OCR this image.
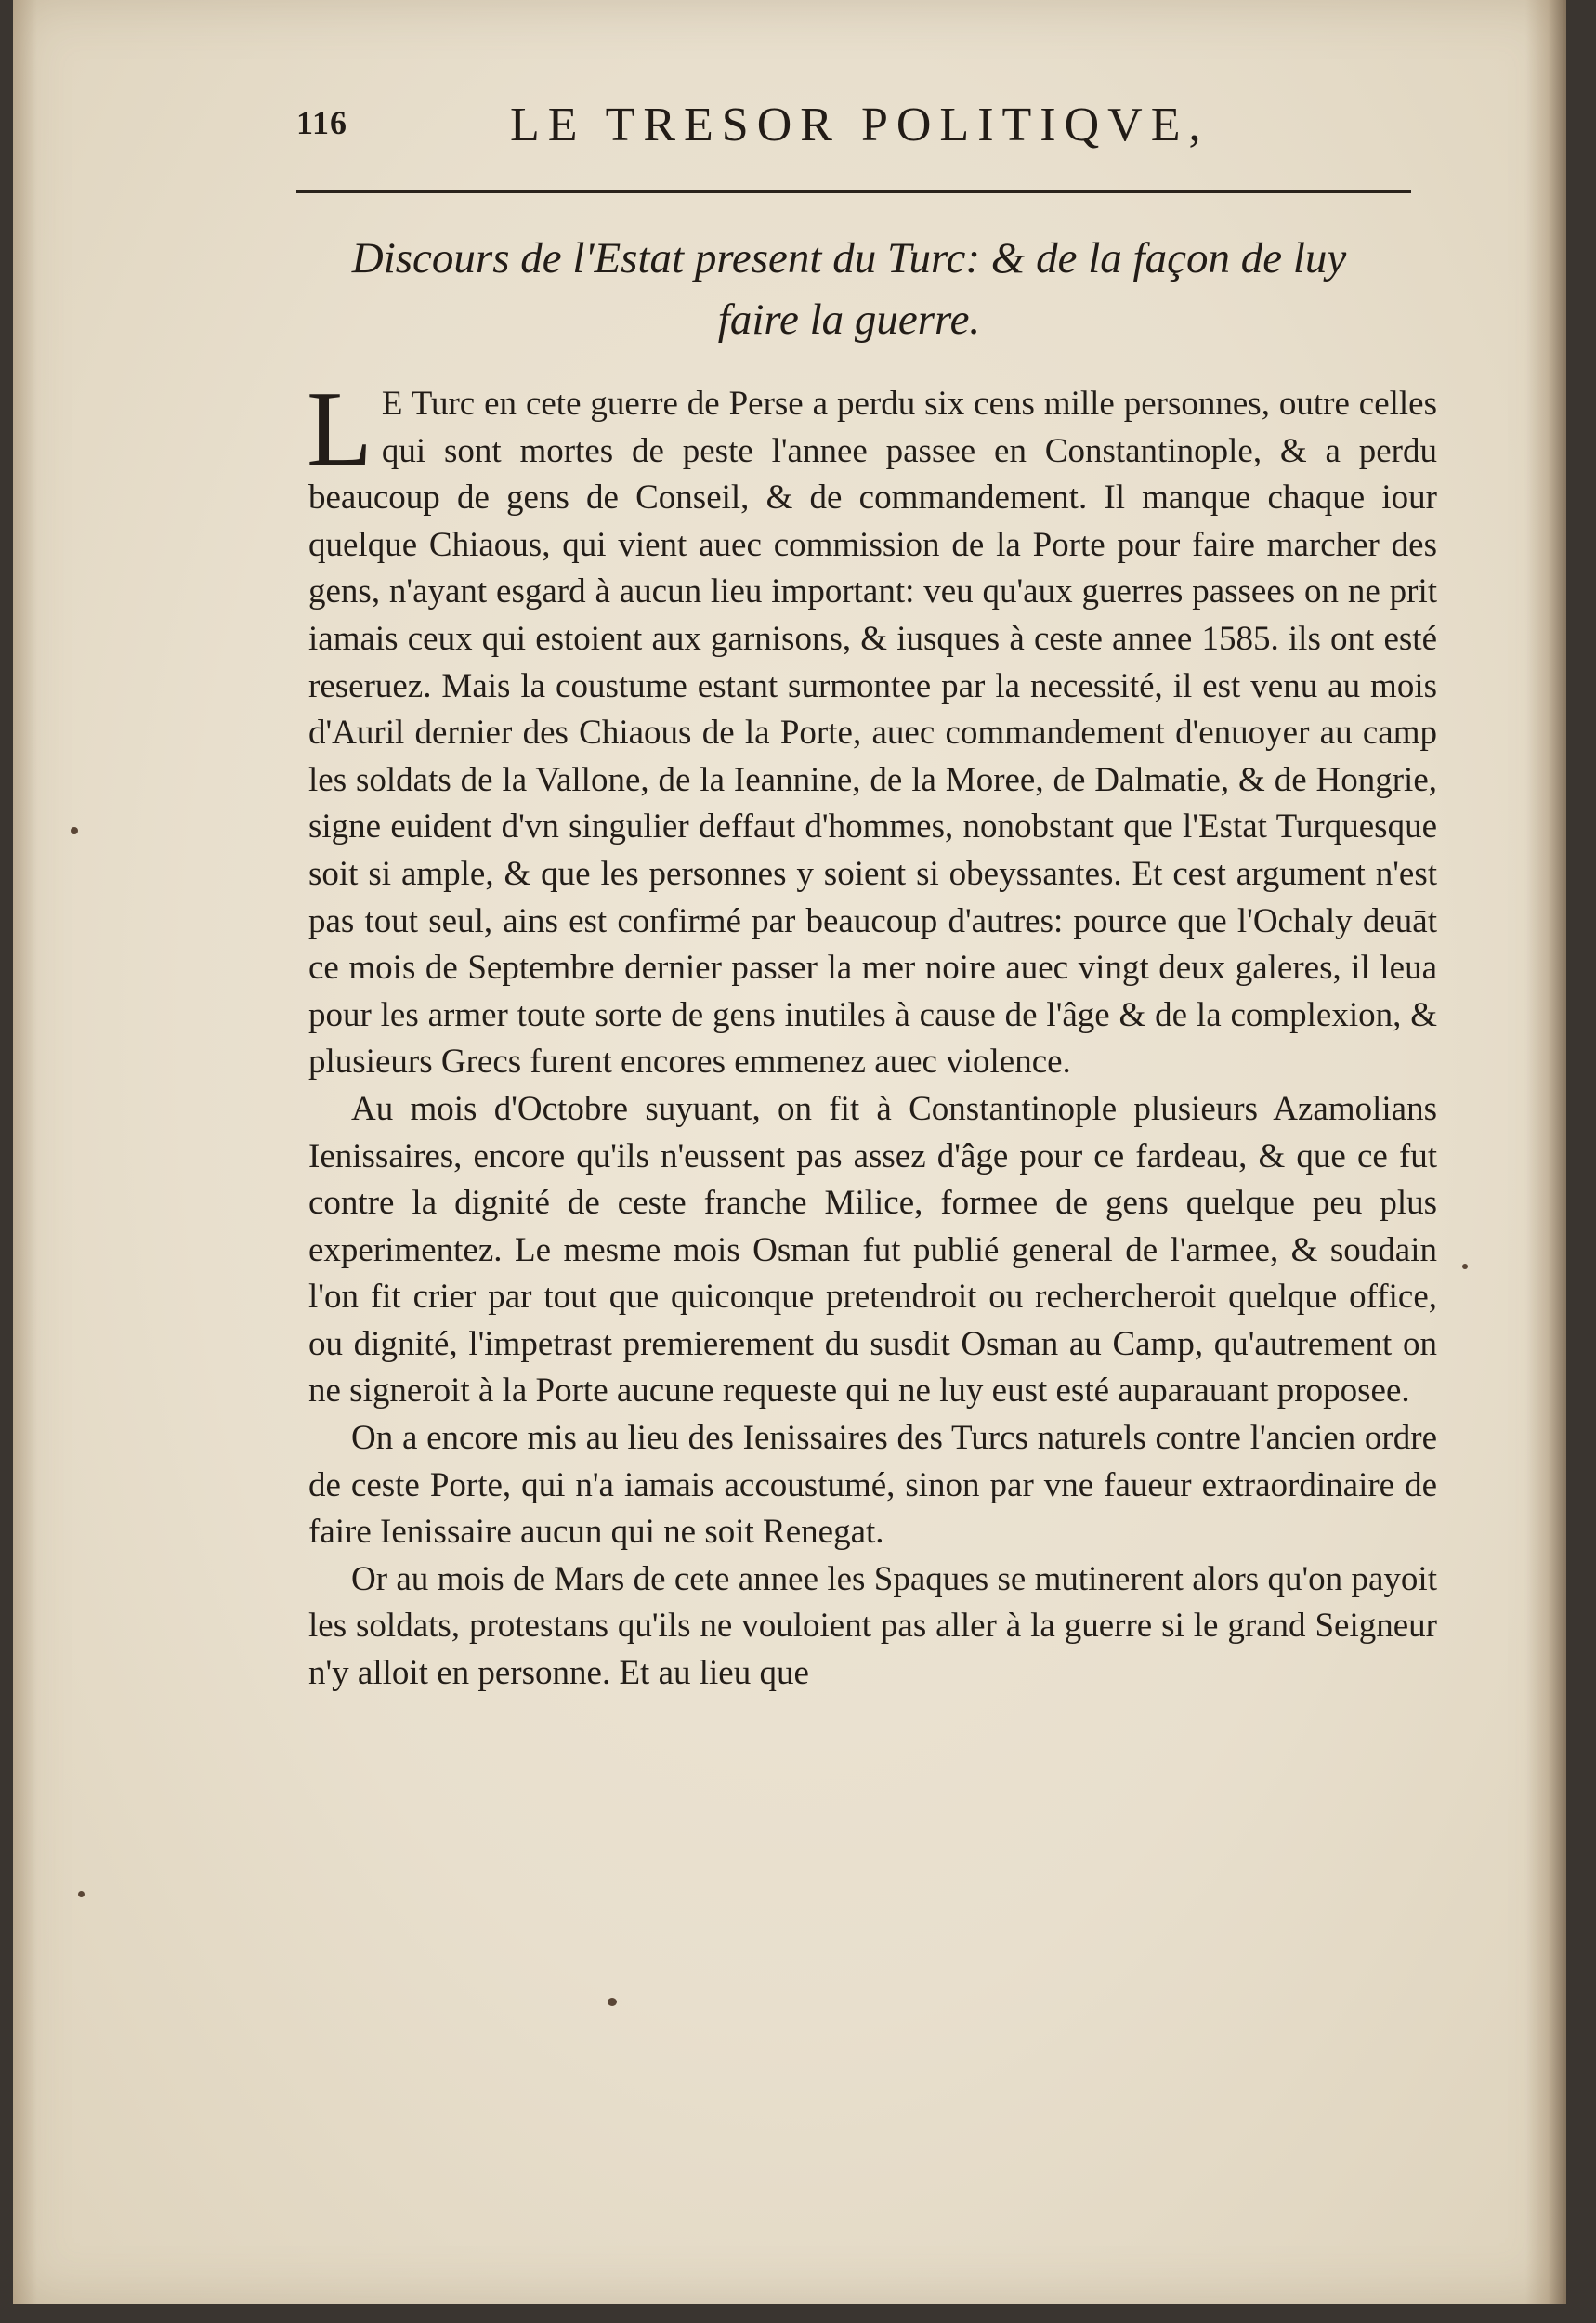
116	LE TRESOR POLITIQVE,
Discours de l'Estat present du Turc: & de la façon de luy
faire la guerre.

L E Turc en cete guerre de Perse a perdu six cens mille personnes, outre celles qui sont mortes de peste l'annee passee en Constantinople, & a perdu beaucoup de gens de Conseil, & de commandement. Il manque chaque iour quelque Chiaous, qui vient auec commission de la Porte pour faire marcher des gens, n'ayant esgard à aucun lieu important: veu qu'aux guerres passees on ne prit iamais ceux qui estoient aux garnisons, & iusques à ceste annee 1585. ils ont esté reseruez. Mais la coustume estant surmontee par la necessité, il est venu au mois d'Auril dernier des Chiaous de la Porte, auec commandement d'enuoyer au camp les soldats de la Vallone, de la Ieannine, de la Moree, de Dalmatie, & de Hongrie, signe euident d'vn singulier deffaut d'hommes, nonobstant que l'Estat Turquesque soit si ample, & que les personnes y soient si obeyssantes. Et cest argument n'est pas tout seul, ains est confirmé par beaucoup d'autres: pource que l'Ochaly deuāt ce mois de Septembre dernier passer la mer noire auec vingt deux galeres, il leua pour les armer toute sorte de gens inutiles à cause de l'âge & de la complexion, & plusieurs Grecs furent encores emmenez auec violence.

Au mois d'Octobre suyuant, on fit à Constantinople plusieurs Azamolians Ienissaires, encore qu'ils n'eussent pas assez d'âge pour ce fardeau, & que ce fut contre la dignité de ceste franche Milice, formee de gens quelque peu plus experimentez. Le mesme mois Osman fut publié general de l'armee, & soudain l'on fit crier par tout que quiconque pretendroit ou rechercheroit quelque office, ou dignité, l'impetrast premierement du susdit Osman au Camp, qu'autrement on ne signeroit à la Porte aucune requeste qui ne luy eust esté auparauant proposee.

On a encore mis au lieu des Ienissaires des Turcs naturels contre l'ancien ordre de ceste Porte, qui n'a iamais accoustumé, sinon par vne faueur extraordinaire de faire Ienissaire aucun qui ne soit Renegat.

Or au mois de Mars de cete annee les Spaques se mutinerent alors qu'on payoit les soldats, protestans qu'ils ne vouloient pas aller à la guerre si le grand Seigneur n'y alloit en personne. Et au lieu que
